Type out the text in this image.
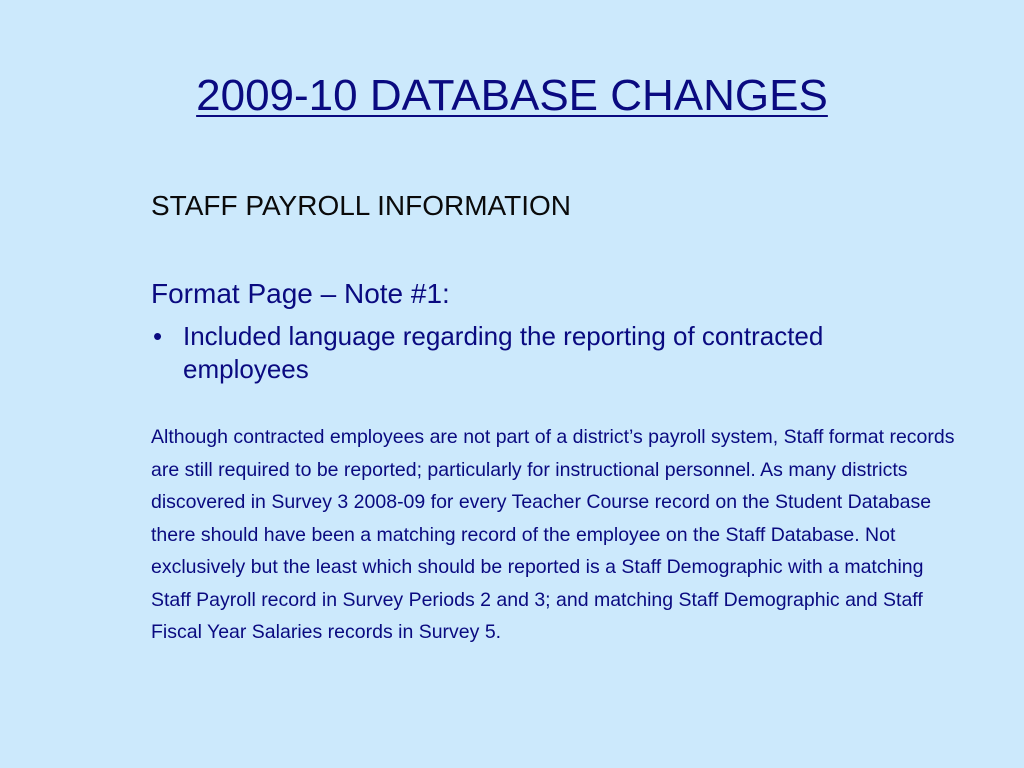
2009-10 DATABASE CHANGES
STAFF PAYROLL INFORMATION
Format Page – Note #1:
• Included language regarding the reporting of contracted employees

Although contracted employees are not part of a district’s payroll system, Staff format records are still required to be reported; particularly for instructional personnel. As many districts discovered in Survey 3 2008-09 for every Teacher Course record on the Student Database there should have been a matching record of the employee on the Staff Database. Not exclusively but the least which should be reported is a Staff Demographic with a matching Staff Payroll record in Survey Periods 2 and 3; and matching Staff Demographic and Staff Fiscal Year Salaries records in Survey 5.
